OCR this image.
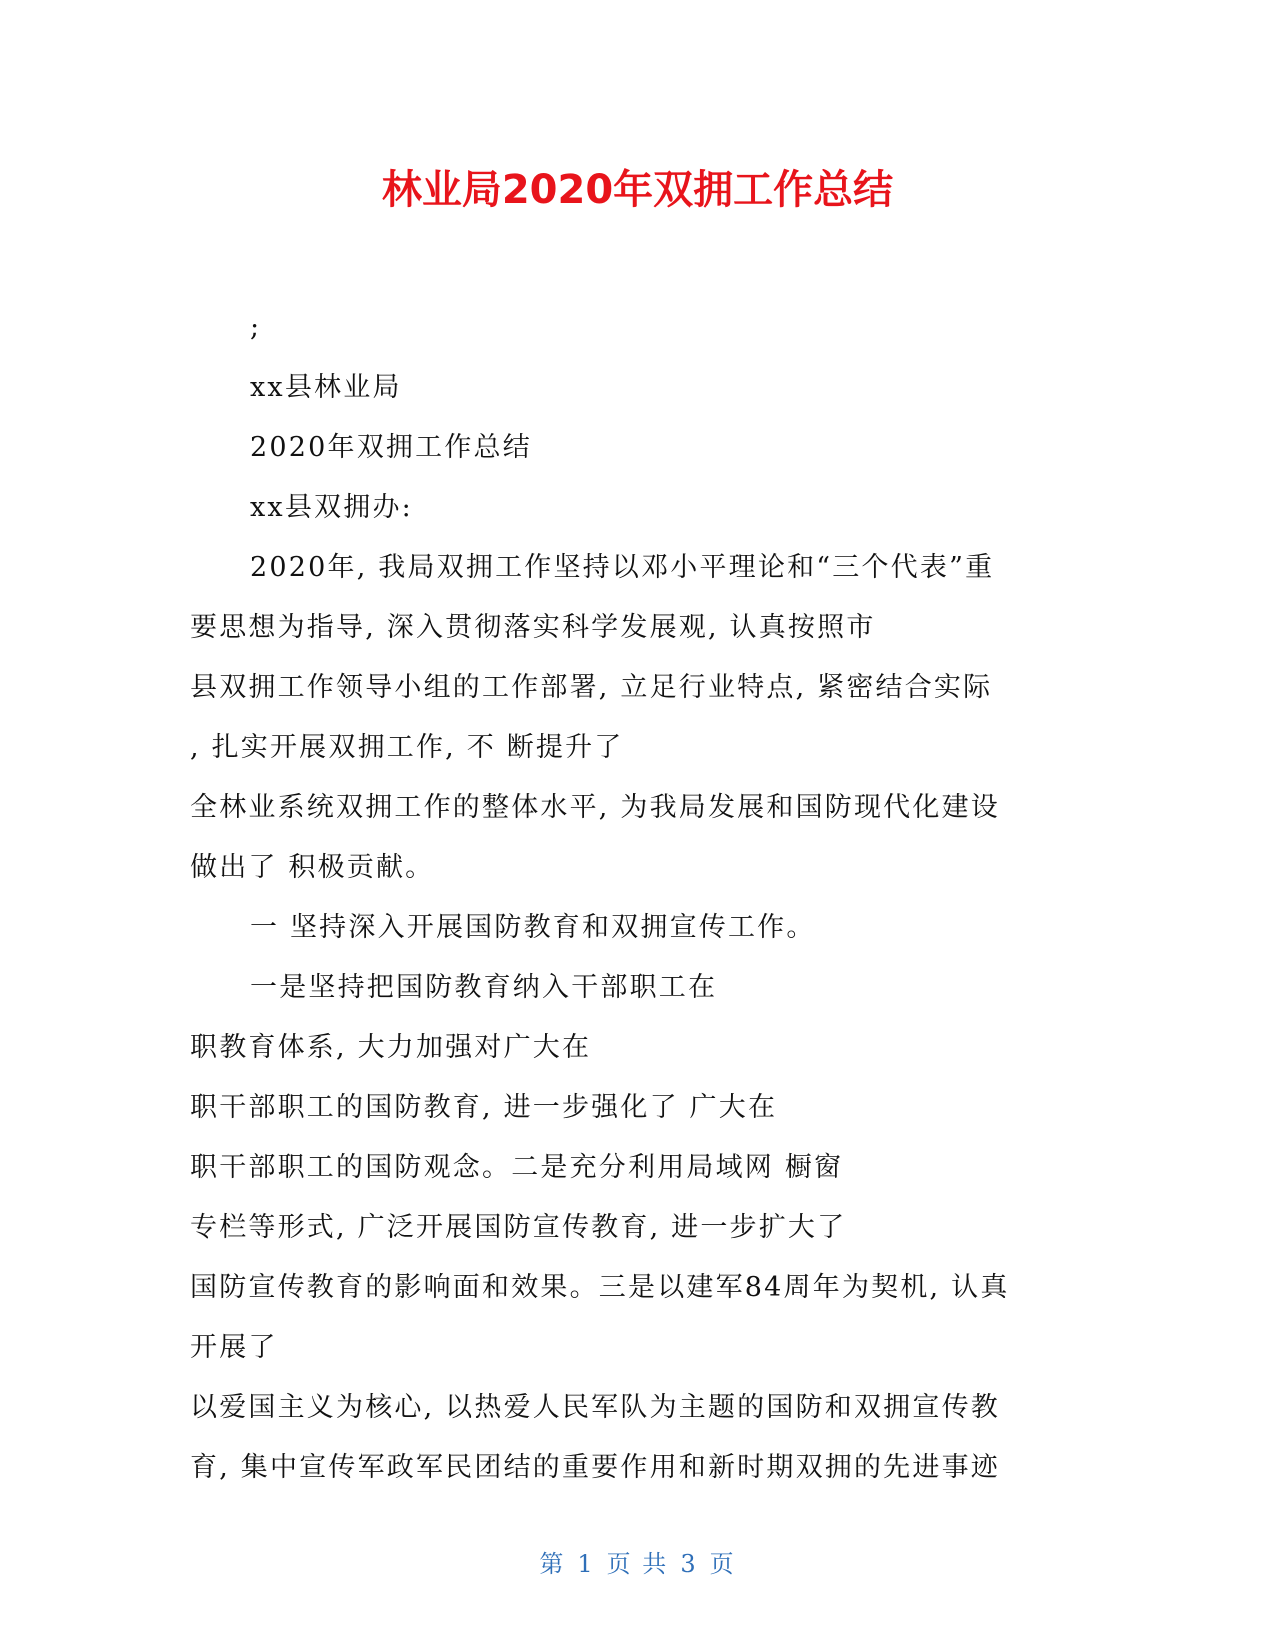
林业局2020年双拥工作总结
;
xx县林业局
2020年双拥工作总结
xx县双拥办:
2020年, 我局双拥工作坚持以邓小平理论和“三个代表”重
要思想为指导, 深入贯彻落实科学发展观, 认真按照市
县双拥工作领导小组的工作部署, 立足行业特点, 紧密结合实际
, 扎实开展双拥工作, 不 断提升了
全林业系统双拥工作的整体水平, 为我局发展和国防现代化建设
做出了 积极贡献。
一 坚持深入开展国防教育和双拥宣传工作。
一是坚持把国防教育纳入干部职工在
职教育体系, 大力加强对广大在
职干部职工的国防教育, 进一步强化了 广大在
职干部职工的国防观念。二是充分利用局域网 橱窗
专栏等形式, 广泛开展国防宣传教育, 进一步扩大了
国防宣传教育的影响面和效果。三是以建军84周年为契机, 认真
开展了
以爱国主义为核心, 以热爱人民军队为主题的国防和双拥宣传教
育, 集中宣传军政军民团结的重要作用和新时期双拥的先进事迹
第 1 页 共 3 页
